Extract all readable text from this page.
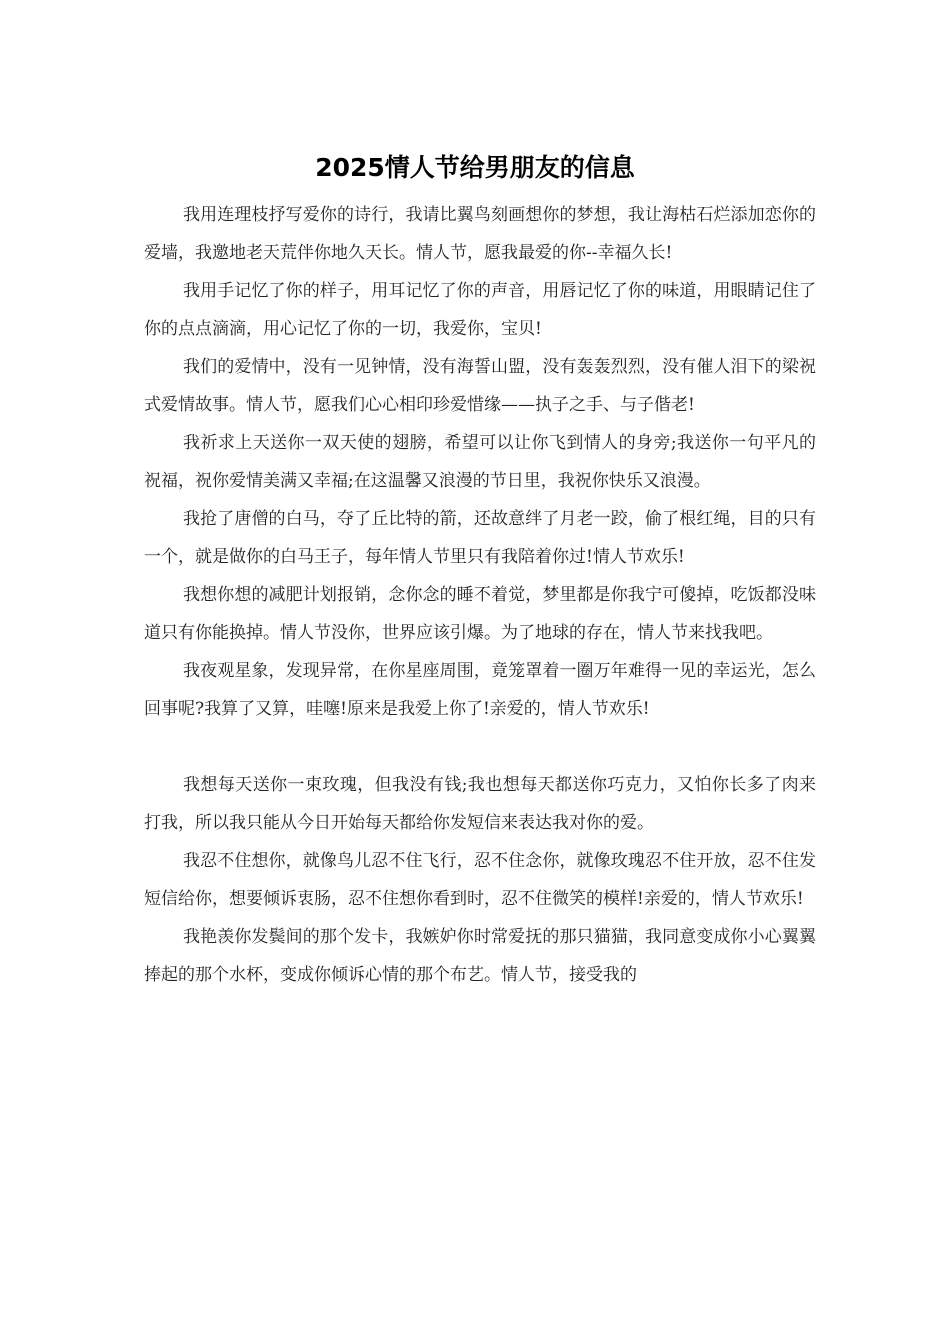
2025情人节给男朋友的信息

我用连理枝抒写爱你的诗行，我请比翼鸟刻画想你的梦想，我让海枯石烂添加恋你的爱墙，我邀地老天荒伴你地久天长。情人节，愿我最爱的你--幸福久长!

我用手记忆了你的样子，用耳记忆了你的声音，用唇记忆了你的味道，用眼睛记住了你的点点滴滴，用心记忆了你的一切，我爱你，宝贝!

我们的爱情中，没有一见钟情，没有海誓山盟，没有轰轰烈烈，没有催人泪下的梁祝式爱情故事。情人节，愿我们心心相印珍爱惜缘——执子之手、与子偕老!

我祈求上天送你一双天使的翅膀，希望可以让你飞到情人的身旁;我送你一句平凡的祝福，祝你爱情美满又幸福;在这温馨又浪漫的节日里，我祝你快乐又浪漫。

我抢了唐僧的白马，夺了丘比特的箭，还故意绊了月老一跤，偷了根红绳，目的只有一个，就是做你的白马王子，每年情人节里只有我陪着你过!情人节欢乐!

我想你想的减肥计划报销，念你念的睡不着觉，梦里都是你我宁可傻掉，吃饭都没味道只有你能换掉。情人节没你，世界应该引爆。为了地球的存在，情人节来找我吧。

我夜观星象，发现异常，在你星座周围，竟笼罩着一圈万年难得一见的幸运光，怎么回事呢?我算了又算，哇噻!原来是我爱上你了!亲爱的，情人节欢乐!

我想每天送你一束玫瑰，但我没有钱;我也想每天都送你巧克力，又怕你长多了肉来打我，所以我只能从今日开始每天都给你发短信来表达我对你的爱。

我忍不住想你，就像鸟儿忍不住飞行，忍不住念你，就像玫瑰忍不住开放，忍不住发短信给你，想要倾诉衷肠，忍不住想你看到时，忍不住微笑的模样!亲爱的，情人节欢乐!

我艳羡你发鬓间的那个发卡，我嫉妒你时常爱抚的那只猫猫，我同意变成你小心翼翼捧起的那个水杯，变成你倾诉心情的那个布艺。情人节，接受我的
